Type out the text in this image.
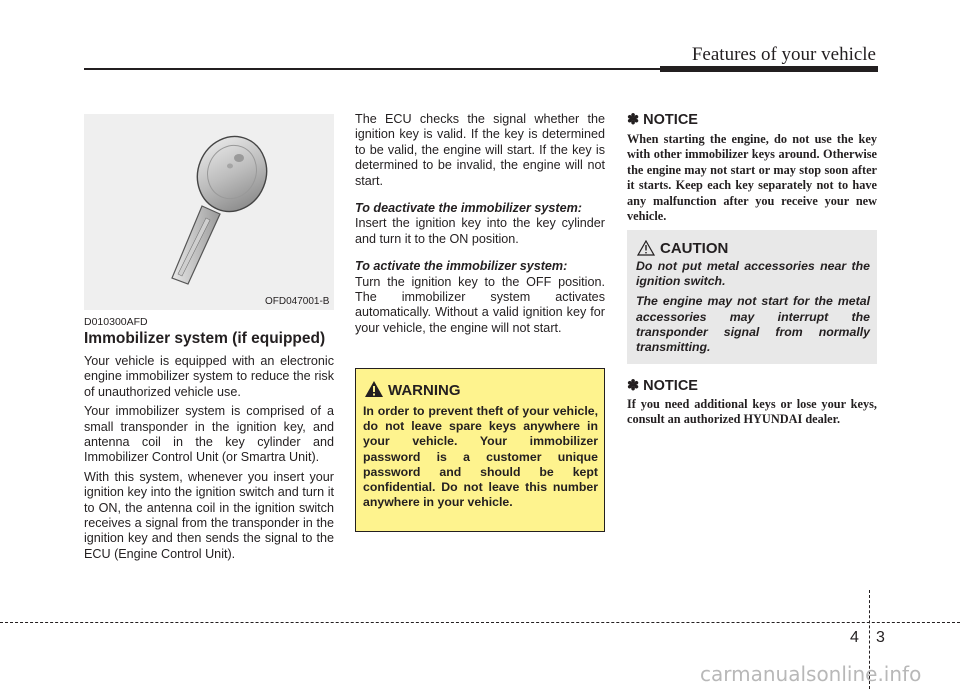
Features of your vehicle
OFD047001-B
D010300AFD
Immobilizer system (if equipped)

Your vehicle is equipped with an electronic engine immobilizer system to reduce the risk of unauthorized vehicle use.

Your immobilizer system is comprised of a small transponder in the ignition key, and antenna coil in the key cylinder and Immobilizer Control Unit (or Smartra Unit).

With this system, whenever you insert your ignition key into the ignition switch and turn it to ON, the antenna coil in the ignition switch receives a signal from the transponder in the ignition key and then sends the signal to the ECU (Engine Control Unit).

The ECU checks the signal whether the ignition key is valid. If the key is determined to be valid, the engine will start. If the key is determined to be invalid, the engine will not start.

To deactivate the immobilizer system:

Insert the ignition key into the key cylinder and turn it to the ON position.

To activate the immobilizer system:

Turn the ignition key to the OFF position. The immobilizer system activates automatically. Without a valid ignition key for your vehicle, the engine will not start.

WARNING
In order to prevent theft of your vehicle, do not leave spare keys anywhere in your vehicle. Your immobilizer password is a customer unique password and should be kept confidential. Do not leave this number anywhere in your vehicle.
✽ NOTICE
When starting the engine, do not use the key with other immobilizer keys around. Otherwise the engine may not start or may stop soon after it starts. Keep each key separately not to have any malfunction after you receive your new vehicle.
CAUTION

Do not put metal accessories near the ignition switch.

The engine may not start for the metal accessories may interrupt the transponder signal from normally transmitting.

✽ NOTICE
If you need additional keys or lose your keys, consult an authorized HYUNDAI dealer.
4 3
carmanualsonline.info
